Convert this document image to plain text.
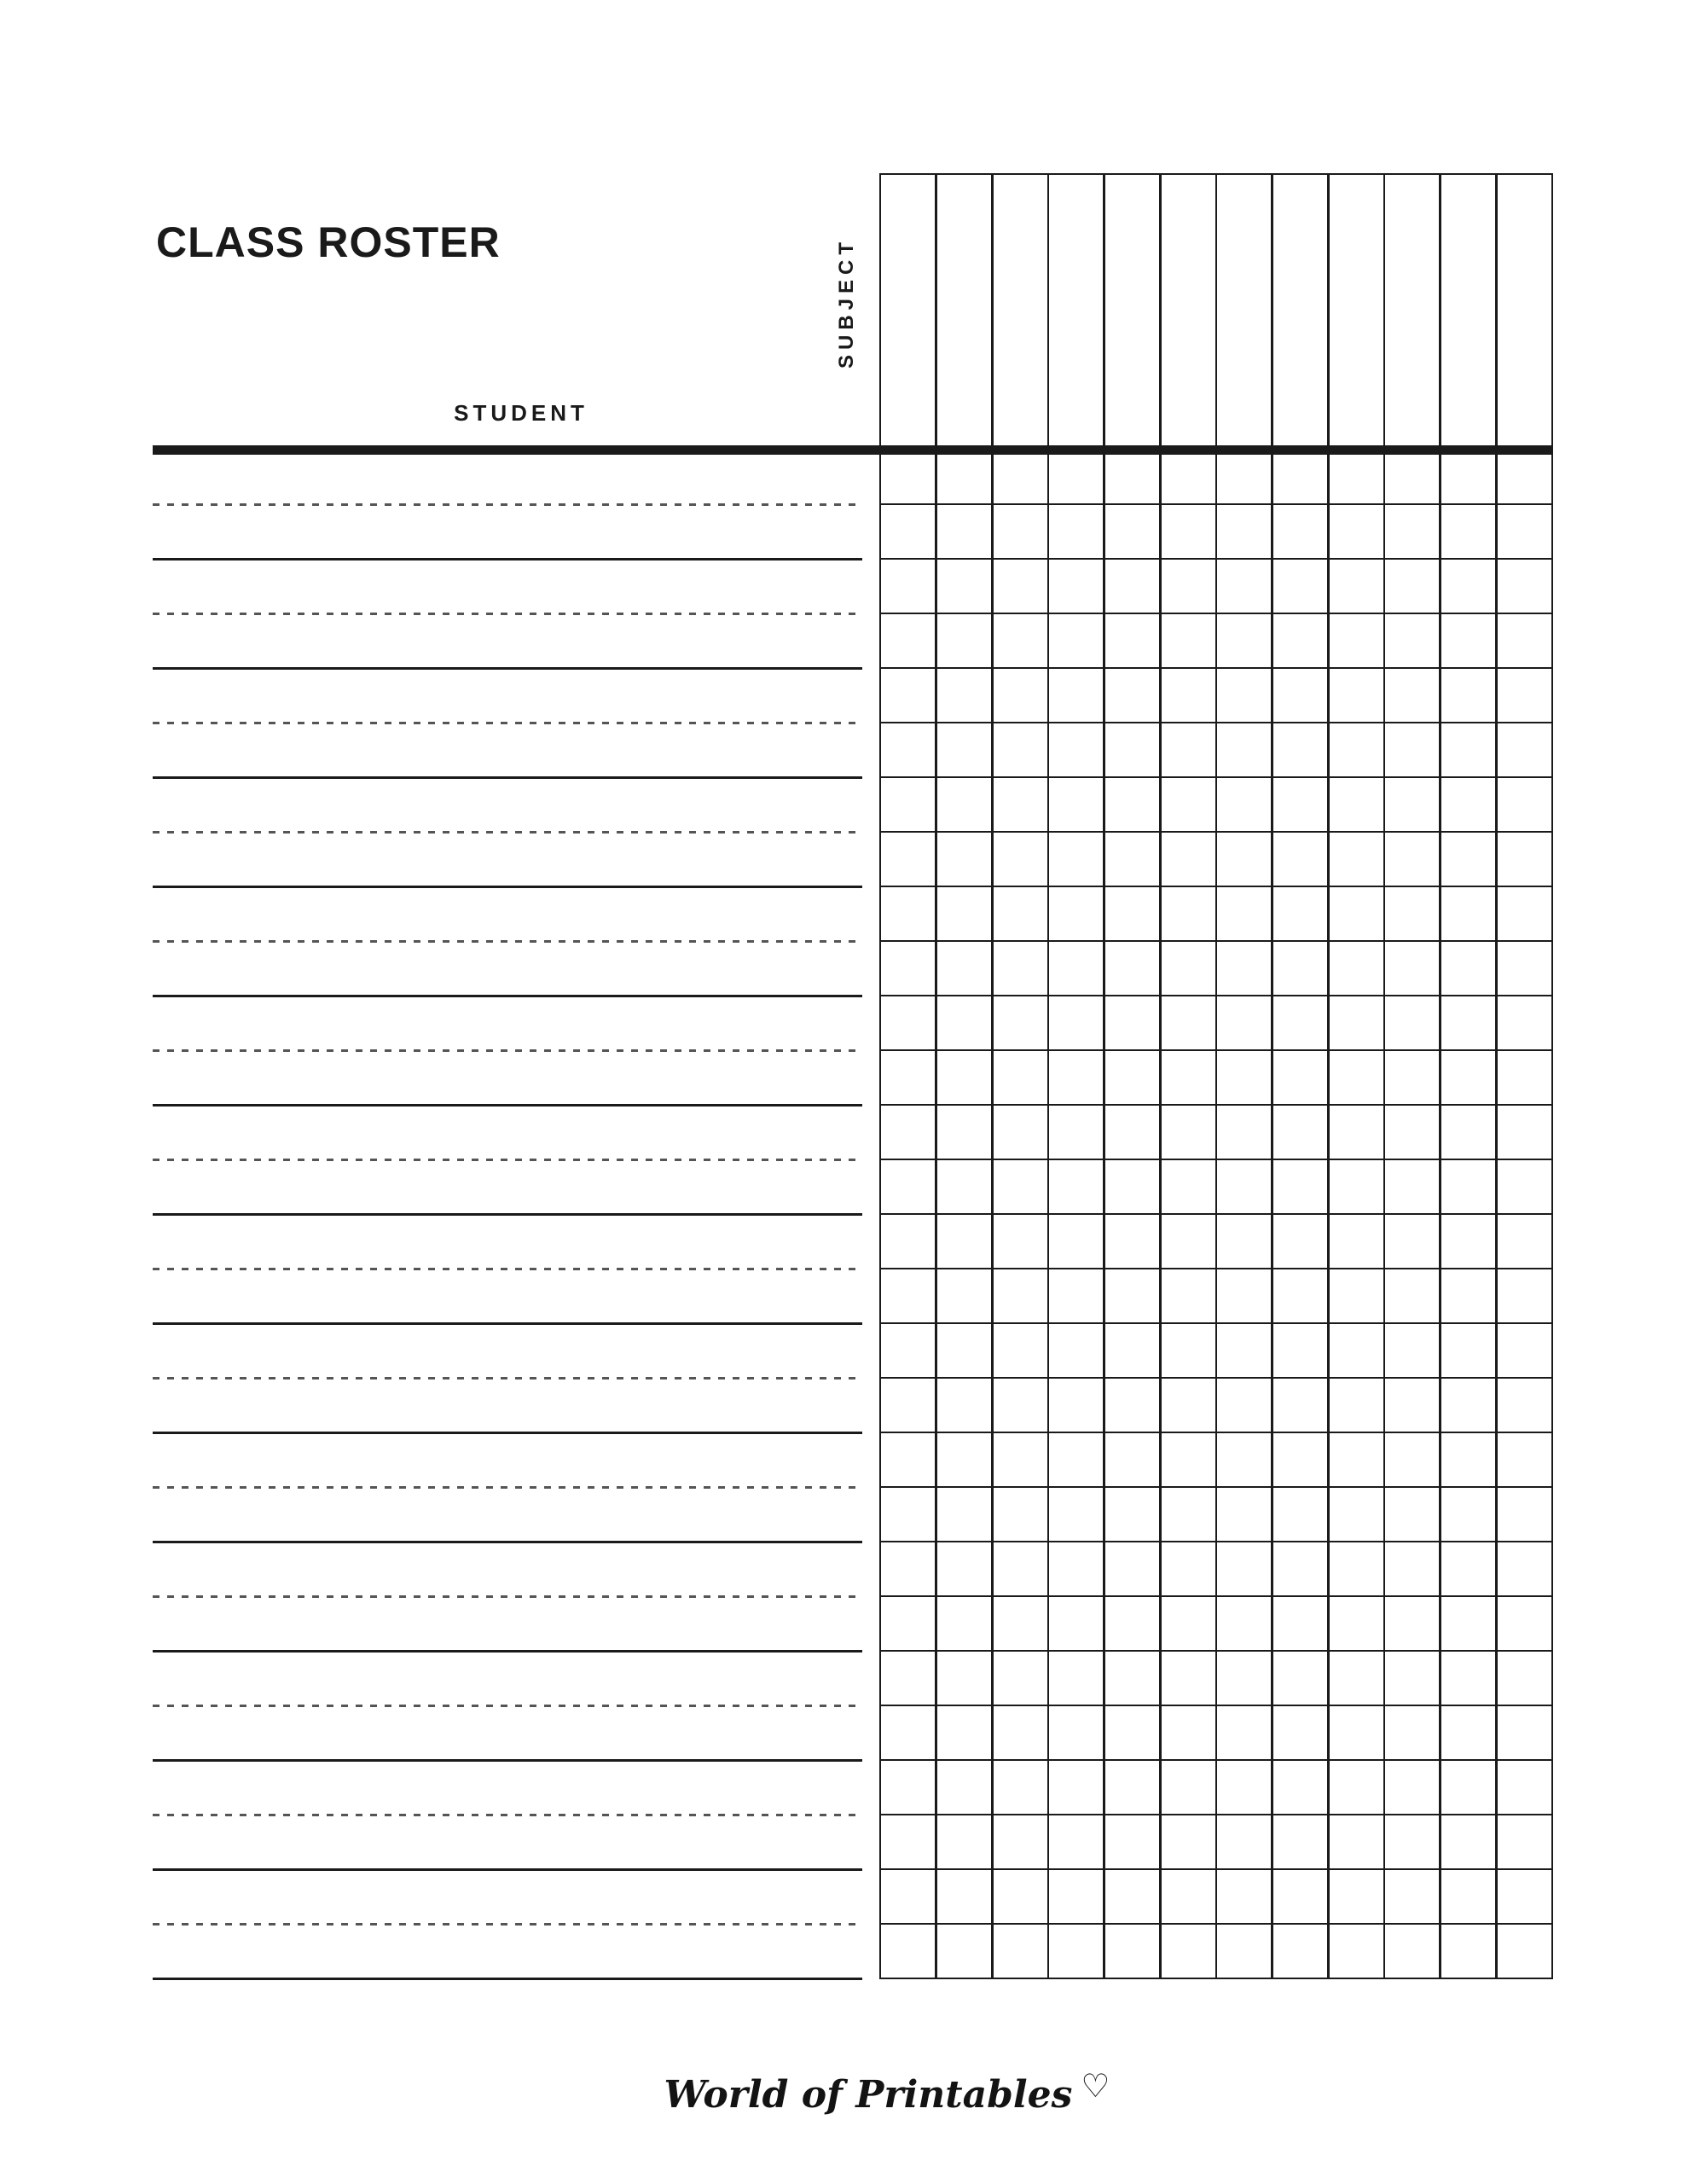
CLASS ROSTER
STUDENT
SUBJECT
World of Printables ♡
